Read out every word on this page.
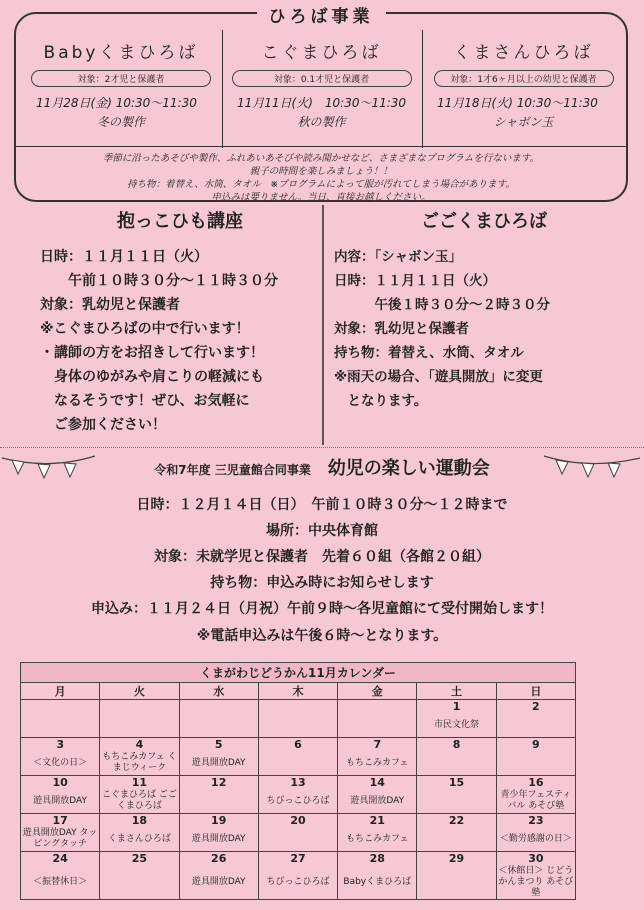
ひろば事業
Babyくまひろば
対象：2才児と保護者
11月28日(金) 10:30～11:30
冬の製作
こぐまひろば
対象：0.1才児と保護者
11月11日(火)　10:30～11:30
秋の製作
くまさんひろば
対象：1才6ヶ月以上の幼児と保護者
11月18日(火) 10:30～11:30
シャボン玉
季節に沿ったあそびや製作、ふれあいあそびや読み聞かせなど、さまざまなプログラムを行ないます。
親子の時間を楽しみましょう！！
持ち物：着替え、水筒、タオル　※プログラムによって服が汚れてしまう場合があります。
申込みは要りません。当日、直接お越しください。
抱っこひも講座
日時：１１月１１日（火）
　　午前１０時３０分～１１時３０分
対象：乳幼児と保護者
※こぐまひろばの中で行います！
・講師の方をお招きして行います！
　身体のゆがみや肩こりの軽減にも
　なるそうです！ぜひ、お気軽に
　ご参加ください！
ごごくまひろば
内容：「シャボン玉」
日時：１１月１１日（火）
　　　午後１時３０分～２時３０分
対象：乳幼児と保護者
持ち物：着替え、水筒、タオル
※雨天の場合、「遊具開放」に変更
　となります。
令和7年度 三児童館合同事業 幼児の楽しい運動会
日時：１２月１４日（日）　午前１０時３０分～１２時まで
場所：中央体育館
対象：未就学児と保護者　先着６０組（各館２０組）
持ち物：申込み時にお知らせします
申込み：１１月２４日（月祝）午前９時～各児童館にて受付開始します！
※電話申込みは午後６時～となります。
くまがわじどうかん11月カレンダー						
月	火	水	木	金	土	日
					1	2
					市民文化祭	
3	4	5	6	7	8	9
＜文化の日＞	もちこみカフェ くまじウィーク	遊具開放DAY		もちこみカフェ		
10	11	12	13	14	15	16
遊具開放DAY	こぐまひろば ごごくまひろば		ちびっこひろば	遊具開放DAY		青少年フェスティバル あそび塾
17	18	19	20	21	22	23
遊具開放DAY タッピングタッチ	くまさんひろば	遊具開放DAY		もちこみカフェ		＜勤労感謝の日＞
24	25	26	27	28	29	30
＜振替休日＞		遊具開放DAY	ちびっこひろば	Babyくまひろば		＜休館日＞ じどうかんまつり あそび塾
